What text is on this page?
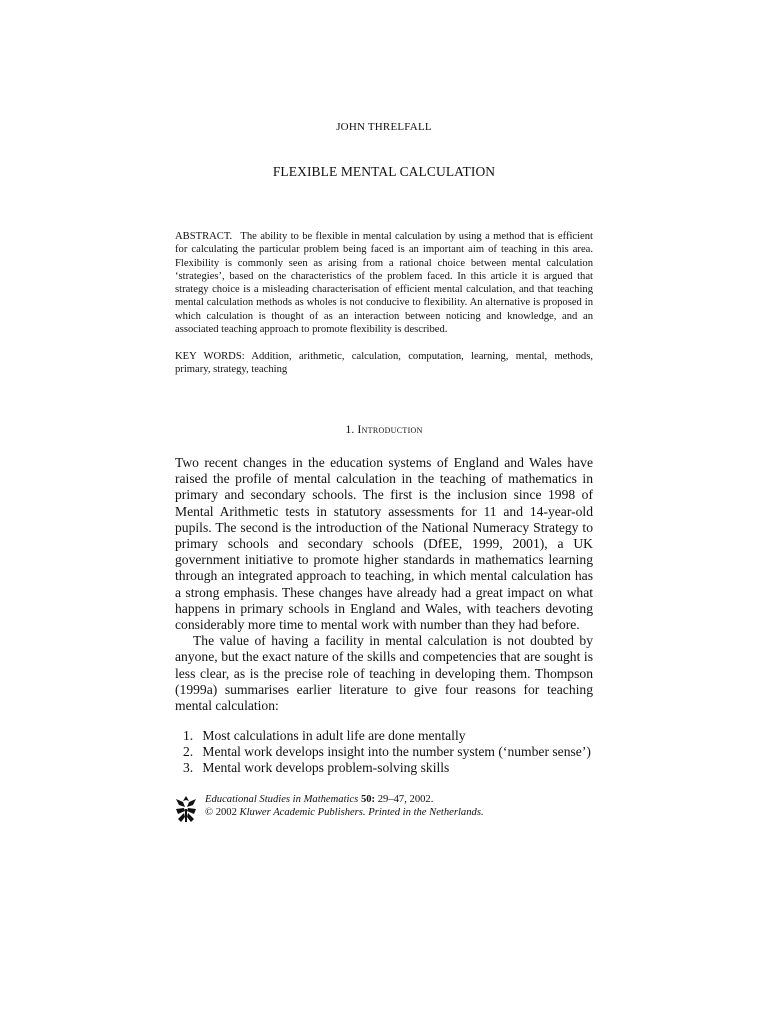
JOHN THRELFALL
FLEXIBLE MENTAL CALCULATION
ABSTRACT. The ability to be flexible in mental calculation by using a method that is efficient for calculating the particular problem being faced is an important aim of teaching in this area. Flexibility is commonly seen as arising from a rational choice between mental calculation ‘strategies’, based on the characteristics of the problem faced. In this article it is argued that strategy choice is a misleading characterisation of efficient mental calculation, and that teaching mental calculation methods as wholes is not conducive to flexibility. An alternative is proposed in which calculation is thought of as an interaction between noticing and knowledge, and an associated teaching approach to promote flexibility is described.
KEY WORDS: Addition, arithmetic, calculation, computation, learning, mental, methods, primary, strategy, teaching
1. Introduction

Two recent changes in the education systems of England and Wales have raised the profile of mental calculation in the teaching of mathematics in primary and secondary schools. The first is the inclusion since 1998 of Mental Arithmetic tests in statutory assessments for 11 and 14-year-old pupils. The second is the introduction of the National Numeracy Strategy to primary schools and secondary schools (DfEE, 1999, 2001), a UK government initiative to promote higher standards in mathematics learning through an integrated approach to teaching, in which mental calculation has a strong emphasis. These changes have already had a great impact on what happens in primary schools in England and Wales, with teachers devoting considerably more time to mental work with number than they had before.

The value of having a facility in mental calculation is not doubted by anyone, but the exact nature of the skills and competencies that are sought is less clear, as is the precise role of teaching in developing them. Thompson (1999a) summarises earlier literature to give four reasons for teaching mental calculation:

1. Most calculations in adult life are done mentally
2. Mental work develops insight into the number system (‘number sense’)
3. Mental work develops problem-solving skills
Educational Studies in Mathematics 50: 29–47, 2002.
© 2002 Kluwer Academic Publishers. Printed in the Netherlands.
